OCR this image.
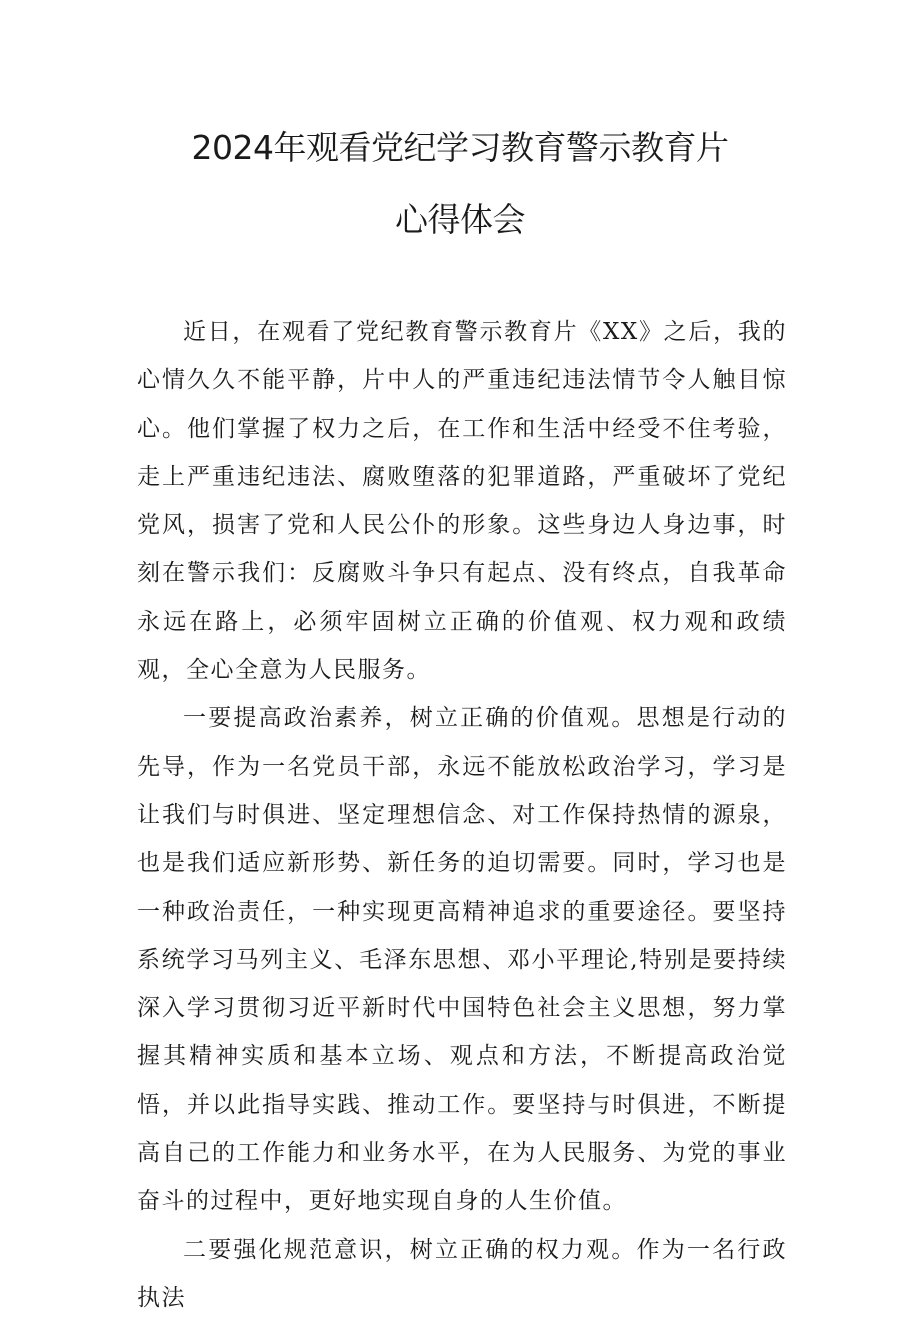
2024年观看党纪学习教育警示教育片
心得体会

近日，在观看了党纪教育警示教育片《XX》之后，我的心情久久不能平静，片中人的严重违纪违法情节令人触目惊心。他们掌握了权力之后，在工作和生活中经受不住考验，走上严重违纪违法、腐败堕落的犯罪道路，严重破坏了党纪党风，损害了党和人民公仆的形象。这些身边人身边事，时刻在警示我们：反腐败斗争只有起点、没有终点，自我革命永远在路上，必须牢固树立正确的价值观、权力观和政绩观，全心全意为人民服务。

一要提高政治素养，树立正确的价值观。思想是行动的先导，作为一名党员干部，永远不能放松政治学习，学习是让我们与时俱进、坚定理想信念、对工作保持热情的源泉，也是我们适应新形势、新任务的迫切需要。同时，学习也是一种政治责任，一种实现更高精神追求的重要途径。要坚持系统学习马列主义、毛泽东思想、邓小平理论,特别是要持续深入学习贯彻习近平新时代中国特色社会主义思想，努力掌握其精神实质和基本立场、观点和方法，不断提高政治觉悟，并以此指导实践、推动工作。要坚持与时俱进，不断提高自己的工作能力和业务水平，在为人民服务、为党的事业奋斗的过程中，更好地实现自身的人生价值。

二要强化规范意识，树立正确的权力观。作为一名行政执法
